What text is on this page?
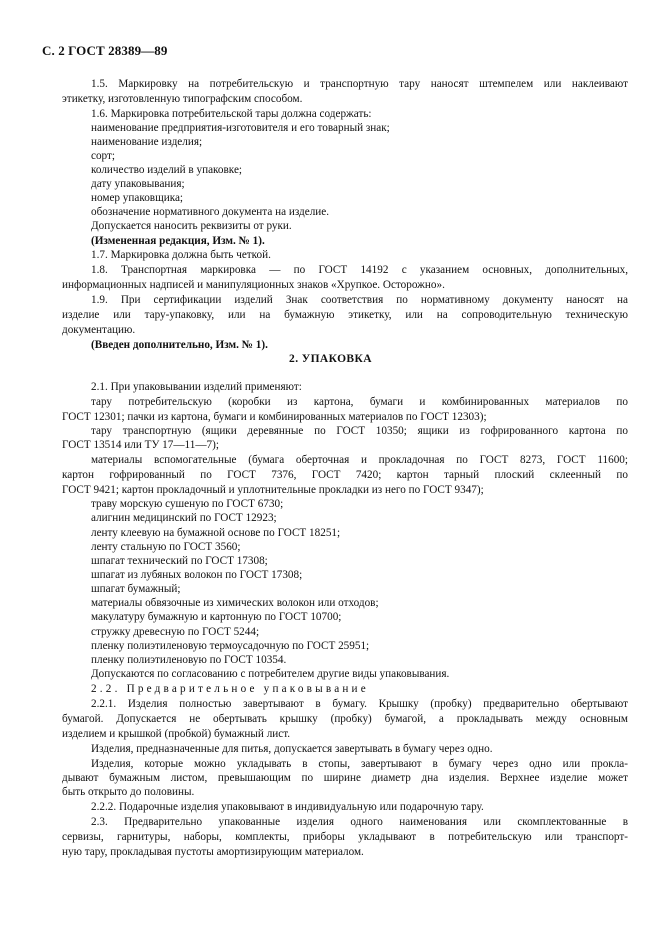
С. 2 ГОСТ 28389—89
1.5. Маркировку на потребительскую и транспортную тару наносят штемпелем или наклеивают
этикетку, изготовленную типографским способом.
1.6. Маркировка потребительской тары должна содержать:
наименование предприятия-изготовителя и его товарный знак;
наименование изделия;
сорт;
количество изделий в упаковке;
дату упаковывания;
номер упаковщика;
обозначение нормативного документа на изделие.
Допускается наносить реквизиты от руки.
(Измененная редакция, Изм. № 1).
1.7. Маркировка должна быть четкой.
1.8. Транспортная маркировка — по ГОСТ 14192 с указанием основных, дополнительных,
информационных надписей и манипуляционных знаков «Хрупкое. Осторожно».
1.9. При сертификации изделий Знак соответствия по нормативному документу наносят на
изделие или тару-упаковку, или на бумажную этикетку, или на сопроводительную техническую
документацию.
(Введен дополнительно, Изм. № 1).
2. УПАКОВКА
2.1. При упаковывании изделий применяют:
тару потребительскую (коробки из картона, бумаги и комбинированных материалов по
ГОСТ 12301; пачки из картона, бумаги и комбинированных материалов по ГОСТ 12303);
тару транспортную (ящики деревянные по ГОСТ 10350; ящики из гофрированного картона по
ГОСТ 13514 или ТУ 17—11—7);
материалы вспомогательные (бумага оберточная и прокладочная по ГОСТ 8273, ГОСТ 11600;
картон гофрированный по ГОСТ 7376, ГОСТ 7420; картон тарный плоский склеенный по
ГОСТ 9421; картон прокладочный и уплотнительные прокладки из него по ГОСТ 9347);
траву морскую сушеную по ГОСТ 6730;
алигнин медицинский по ГОСТ 12923;
ленту клеевую на бумажной основе по ГОСТ 18251;
ленту стальную по ГОСТ 3560;
шпагат технический по ГОСТ 17308;
шпагат из лубяных волокон по ГОСТ 17308;
шпагат бумажный;
материалы обвязочные из химических волокон или отходов;
макулатуру бумажную и картонную по ГОСТ 10700;
стружку древесную по ГОСТ 5244;
пленку полиэтиленовую термоусадочную по ГОСТ 25951;
пленку полиэтиленовую по ГОСТ 10354.
Допускаются по согласованию с потребителем другие виды упаковывания.
2.2. Предварительное упаковывание
2.2.1. Изделия полностью завертывают в бумагу. Крышку (пробку) предварительно обертывают
бумагой. Допускается не обертывать крышку (пробку) бумагой, а прокладывать между основным
изделием и крышкой (пробкой) бумажный лист.
Изделия, предназначенные для питья, допускается завертывать в бумагу через одно.
Изделия, которые можно укладывать в стопы, завертывают в бумагу через одно или прокла-
дывают бумажным листом, превышающим по ширине диаметр дна изделия. Верхнее изделие может
быть открыто до половины.
2.2.2. Подарочные изделия упаковывают в индивидуальную или подарочную тару.
2.3. Предварительно упакованные изделия одного наименования или скомплектованные в
сервизы, гарнитуры, наборы, комплекты, приборы укладывают в потребительскую или транспорт-
ную тару, прокладывая пустоты амортизирующим материалом.
